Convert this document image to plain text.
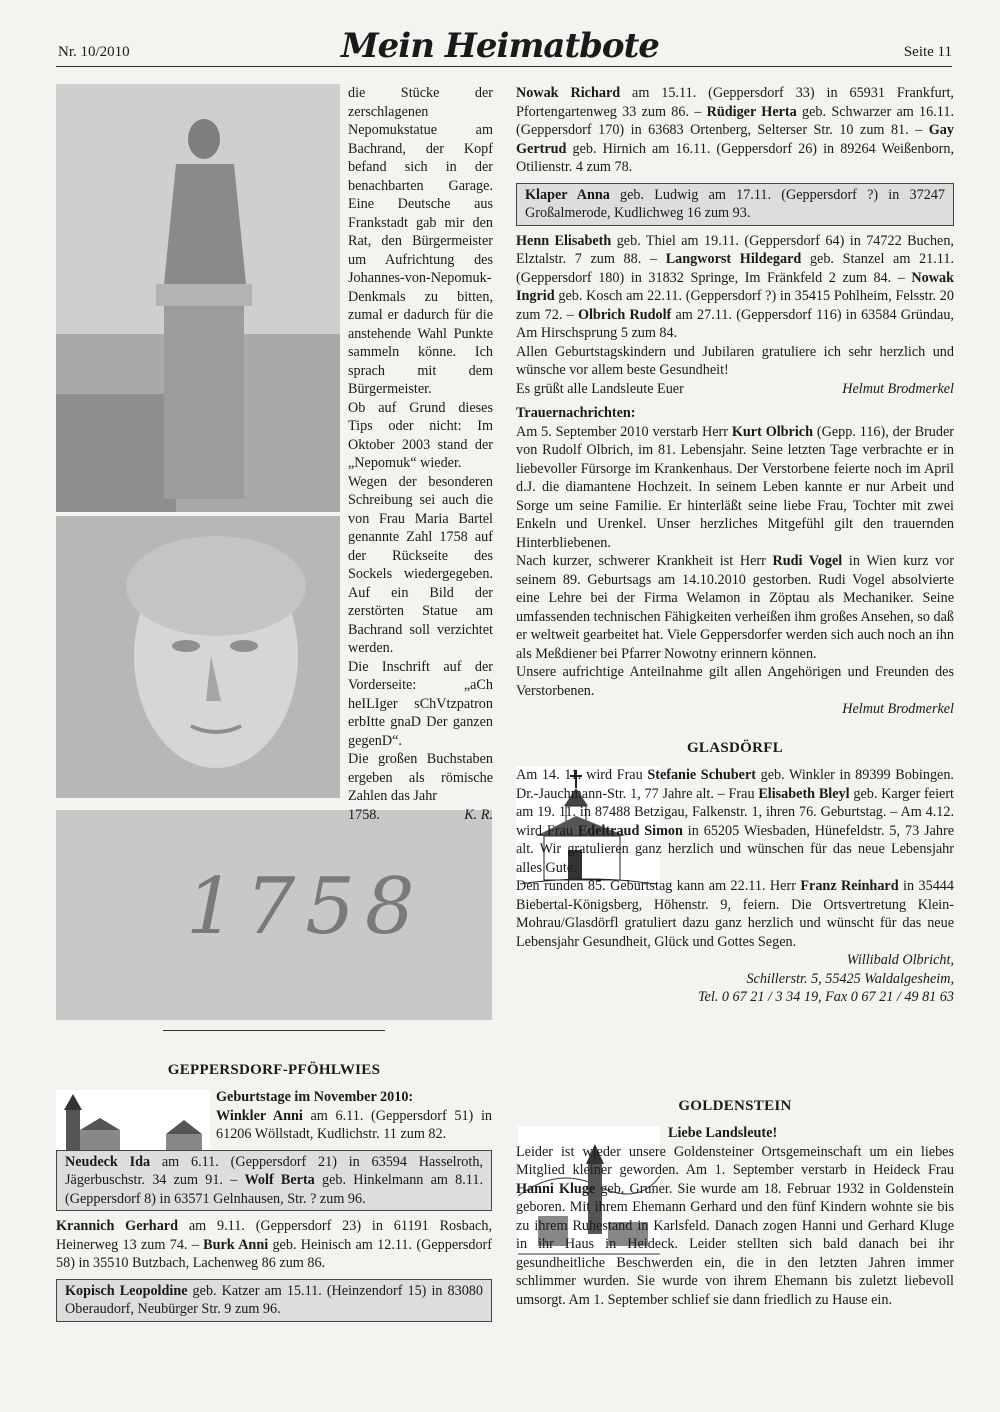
Nr. 10/2010	Mein Heimatbote	Seite 11
1758

die Stücke der zerschlagenen Nepomukstatue am Bachrand, der Kopf befand sich in der benachbarten Garage. Eine Deutsche aus Frankstadt gab mir den Rat, den Bürgermeister um Aufrichtung des Johannes-von-Nepomuk-Denkmals zu bitten, zumal er dadurch für die anstehende Wahl Punkte sammeln könne. Ich sprach mit dem Bürgermeister.

Ob auf Grund dieses Tips oder nicht: Im Oktober 2003 stand der „Nepomuk“ wieder.

Wegen der besonderen Schreibung sei auch die von Frau Maria Bartel genannte Zahl 1758 auf der Rückseite des Sockels wiedergegeben. Auf ein Bild der zerstörten Statue am Bachrand soll verzichtet werden.

Die Inschrift auf der Vorderseite: „aCh heILIger sChVtzpatron erbItte gnaD Der ganzen gegenD“.

Die großen Buchstaben ergeben als römische Zahlen das Jahr

1758.	K. R.

Nowak Richard am 15.11. (Geppersdorf 33) in 65931 Frankfurt, Pfortengartenweg 33 zum 86. – Rüdiger Herta geb. Schwarzer am 16.11. (Geppersdorf 170) in 63683 Ortenberg, Selterser Str. 10 zum 81. – Gay Gertrud geb. Hirnich am 16.11. (Geppersdorf 26) in 89264 Weißenborn, Otilienstr. 4 zum 78.

Klaper Anna geb. Ludwig am 17.11. (Geppersdorf ?) in 37247 Großalmerode, Kudlichweg 16 zum 93.

Henn Elisabeth geb. Thiel am 19.11. (Geppersdorf 64) in 74722 Buchen, Elztalstr. 7 zum 88. – Langworst Hildegard geb. Stanzel am 21.11. (Geppersdorf 180) in 31832 Springe, Im Fränkfeld 2 zum 84. – Nowak Ingrid geb. Kosch am 22.11. (Geppersdorf ?) in 35415 Pohlheim, Felsstr. 20 zum 72. – Olbrich Rudolf am 27.11. (Geppersdorf 116) in 63584 Gründau, Am Hirschsprung 5 zum 84.

Allen Geburtstagskindern und Jubilaren gratuliere ich sehr herzlich und wünsche vor allem beste Gesundheit!

Es grüßt alle Landsleute Euer	Helmut Brodmerkel

Trauernachrichten:

Am 5. September 2010 verstarb Herr Kurt Olbrich (Gepp. 116), der Bruder von Rudolf Olbrich, im 81. Lebensjahr. Seine letzten Tage verbrachte er in liebevoller Fürsorge im Krankenhaus. Der Verstorbene feierte noch im April d.J. die diamantene Hochzeit. In seinem Leben kannte er nur Arbeit und Sorge um seine Familie. Er hinterläßt seine liebe Frau, Tochter mit zwei Enkeln und Urenkel. Unser herzliches Mitgefühl gilt den trauernden Hinterbliebenen.

Nach kurzer, schwerer Krankheit ist Herr Rudi Vogel in Wien kurz vor seinem 89. Geburtsags am 14.10.2010 gestorben. Rudi Vogel absolvierte eine Lehre bei der Firma Welamon in Zöptau als Mechaniker. Seine umfassenden technischen Fähigkeiten verheißen ihm großes Ansehen, so daß er weltweit gearbeitet hat. Viele Geppersdorfer werden sich auch noch an ihn als Meßdiener bei Pfarrer Nowotny erinnern können.

Unsere aufrichtige Anteilnahme gilt allen Angehörigen und Freunden des Verstorbenen.

Helmut Brodmerkel

GLASDÖRFL

Am 14. 11. wird Frau Stefanie Schubert geb. Winkler in 89399 Bobingen. Dr.-Jauchmann-Str. 1, 77 Jahre alt. – Frau Elisabeth Bleyl geb. Karger feiert am 19. 11. in 87488 Betzigau, Falkenstr. 1, ihren 76. Geburtstag. – Am 4.12. wird Frau Edeltraud Simon in 65205 Wiesbaden, Hünefeldstr. 5, 73 Jahre alt. Wir gratulieren ganz herzlich und wünschen für das neue Lebensjahr alles Gute.

Den runden 85. Geburtstag kann am 22.11. Herr Franz Reinhard in 35444 Biebertal-Königsberg, Höhenstr. 9, feiern. Die Ortsvertretung Klein-Mohrau/Glasdörfl gratuliert dazu ganz herzlich und wünscht für das neue Lebensjahr Gesundheit, Glück und Gottes Segen.

Willibald Olbricht,

Schillerstr. 5, 55425 Waldalgesheim,

Tel. 0 67 21 / 3 34 19, Fax 0 67 21 / 49 81 63

GOLDENSTEIN

Liebe Landsleute!

Leider ist wieder unsere Goldensteiner Ortsgemeinschaft um ein liebes Mitglied kleiner geworden. Am 1. September verstarb in Heideck Frau Hanni Kluge geb. Gruner. Sie wurde am 18. Februar 1932 in Goldenstein geboren. Mit ihrem Ehemann Gerhard und den fünf Kindern wohnte sie bis zu ihrem Ruhestand in Karlsfeld. Danach zogen Hanni und Gerhard Kluge in ihr Haus in Heideck. Leider stellten sich bald danach bei ihr gesundheitliche Beschwerden ein, die in den letzten Jahren immer schlimmer wurden. Sie wurde von ihrem Ehemann bis zuletzt liebevoll umsorgt. Am 1. September schlief sie dann friedlich zu Hause ein.

GEPPERSDORF-PFÖHLWIES

Geburtstage im November 2010:

Winkler Anni am 6.11. (Geppersdorf 51) in 61206 Wöllstadt, Kudlichstr. 11 zum 82.

Neudeck Ida am 6.11. (Geppersdorf 21) in 63594 Hasselroth, Jägerbuschstr. 34 zum 91. – Wolf Berta geb. Hinkelmann am 8.11. (Geppersdorf 8) in 63571 Gelnhausen, Str. ? zum 96.

Krannich Gerhard am 9.11. (Geppersdorf 23) in 61191 Rosbach, Heinerweg 13 zum 74. – Burk Anni geb. Heinisch am 12.11. (Geppersdorf 58) in 35510 Butzbach, Lachenweg 86 zum 86.

Kopisch Leopoldine geb. Katzer am 15.11. (Heinzendorf 15) in 83080 Oberaudorf, Neubürger Str. 9 zum 96.
